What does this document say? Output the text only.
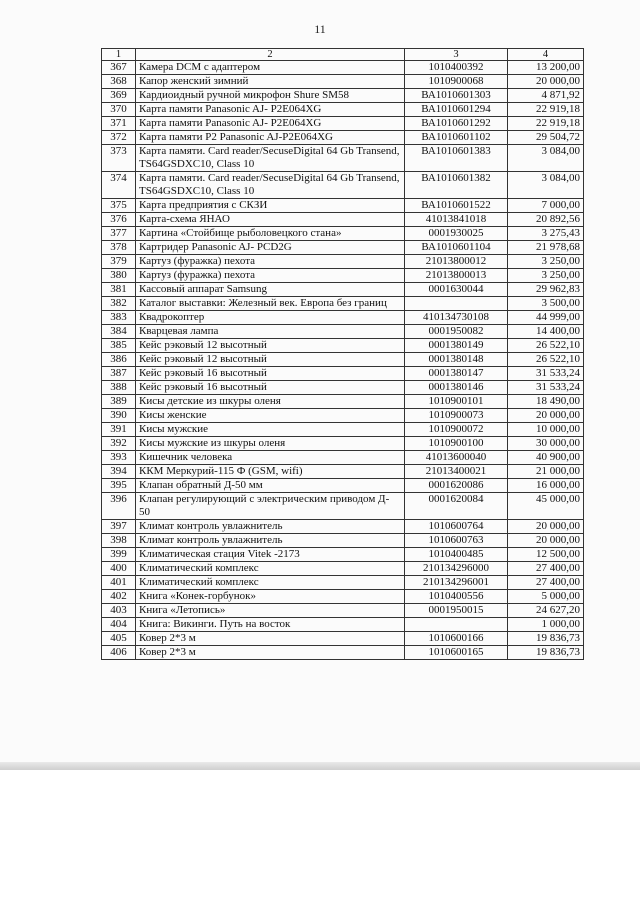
11
1	2	3	4
367	Камера DCM с адаптером	1010400392	13 200,00
368	Капор женский зимний	1010900068	20 000,00
369	Кардиоидный ручной микрофон Shure SM58	ВА1010601303	4 871,92
370	Карта памяти Panasonic AJ- P2E064XG	ВА1010601294	22 919,18
371	Карта памяти Panasonic AJ- P2E064XG	ВА1010601292	22 919,18
372	Карта памяти P2 Panasonic AJ-P2E064XG	ВА1010601102	29 504,72
373	Карта памяти. Card reader/SecuseDigital 64 Gb Transend, TS64GSDXC10, Class 10	ВА1010601383	3 084,00
374	Карта памяти. Card reader/SecuseDigital 64 Gb Transend, TS64GSDXC10, Class 10	ВА1010601382	3 084,00
375	Карта предприятия с СКЗИ	ВА1010601522	7 000,00
376	Карта-схема ЯНАО	41013841018	20 892,56
377	Картина «Стойбище рыболовецкого стана»	0001930025	3 275,43
378	Картридер Panasonic AJ- PCD2G	ВА1010601104	21 978,68
379	Картуз (фуражка) пехота	21013800012	3 250,00
380	Картуз (фуражка) пехота	21013800013	3 250,00
381	Кассовый аппарат Samsung	0001630044	29 962,83
382	Каталог выставки: Железный век. Европа без границ		3 500,00
383	Квадрокоптер	410134730108	44 999,00
384	Кварцевая лампа	0001950082	14 400,00
385	Кейс рэковый 12 высотный	0001380149	26 522,10
386	Кейс рэковый 12 высотный	0001380148	26 522,10
387	Кейс рэковый 16 высотный	0001380147	31 533,24
388	Кейс рэковый 16 высотный	0001380146	31 533,24
389	Кисы детские из шкуры оленя	1010900101	18 490,00
390	Кисы женские	1010900073	20 000,00
391	Кисы мужские	1010900072	10 000,00
392	Кисы мужские из шкуры оленя	1010900100	30 000,00
393	Кишечник человека	41013600040	40 900,00
394	ККМ Меркурий-115 Ф (GSM, wifi)	21013400021	21 000,00
395	Клапан обратный Д-50 мм	0001620086	16 000,00
396	Клапан регулирующий с электрическим приводом Д- 50	0001620084	45 000,00
397	Климат контроль увлажнитель	1010600764	20 000,00
398	Климат контроль увлажнитель	1010600763	20 000,00
399	Климатическая стация Vitek -2173	1010400485	12 500,00
400	Климатический комплекс	210134296000	27 400,00
401	Климатический комплекс	210134296001	27 400,00
402	Книга «Конек-горбунок»	1010400556	5 000,00
403	Книга «Летопись»	0001950015	24 627,20
404	Книга: Викинги. Путь на восток		1 000,00
405	Ковер 2*3 м	1010600166	19 836,73
406	Ковер 2*3 м	1010600165	19 836,73
